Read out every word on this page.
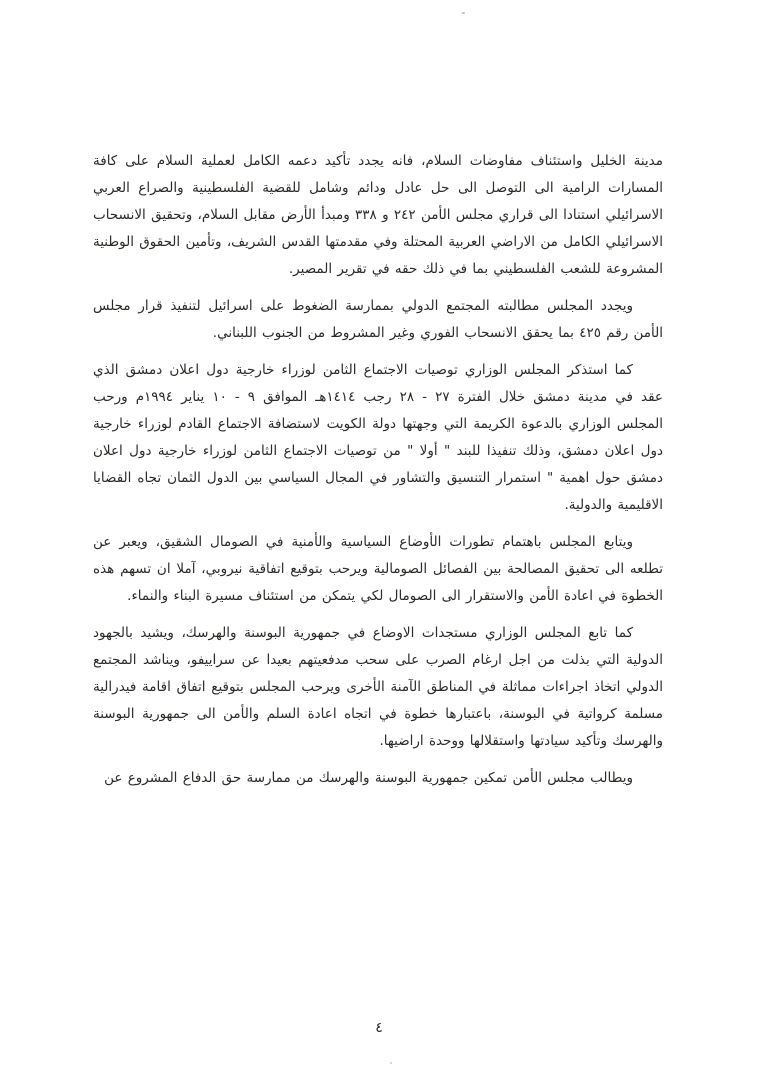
مدينة الخليل واستئناف مفاوضات السلام، فانه يجدد تأكيد دعمه الكامل لعملية السلام على كافة المسارات الرامية الى التوصل الى حل عادل ودائم وشامل للقضية الفلسطينية والصراع العربي الاسرائيلي استنادا الى قراري مجلس الأمن ٢٤٢ و ٣٣٨ ومبدأ الأرض مقابل السلام، وتحقيق الانسحاب الاسرائيلي الكامل من الاراضي العربية المحتلة وفي مقدمتها القدس الشريف، وتأمين الحقوق الوطنية المشروعة للشعب الفلسطيني بما في ذلك حقه في تقرير المصير.

ويجدد المجلس مطالبته المجتمع الدولي بممارسة الضغوط على اسرائيل لتنفيذ قرار مجلس الأمن رقم ٤٢٥ بما يحقق الانسحاب الفوري وغير المشروط من الجنوب اللبناني.

كما استذكر المجلس الوزاري توصيات الاجتماع الثامن لوزراء خارجية دول اعلان دمشق الذي عقد في مدينة دمشق خلال الفترة ٢٧ - ٢٨ رجب ١٤١٤هـ الموافق ٩ - ١٠ يناير ١٩٩٤م ورحب المجلس الوزاري بالدعوة الكريمة التي وجهتها دولة الكويت لاستضافة الاجتماع القادم لوزراء خارجية دول اعلان دمشق، وذلك تنفيذا للبند " أولا " من توصيات الاجتماع الثامن لوزراء خارجية دول اعلان دمشق حول اهمية " استمرار التنسيق والتشاور في المجال السياسي بين الدول الثمان تجاه القضايا الاقليمية والدولية.

ويتابع المجلس باهتمام تطورات الأوضاع السياسية والأمنية في الصومال الشقيق، ويعبر عن تطلعه الى تحقيق المصالحة بين الفصائل الصومالية ويرحب بتوقيع اتفاقية نيروبي، آملا ان تسهم هذه الخطوة في اعادة الأمن والاستقرار الى الصومال لكي يتمكن من استئناف مسيرة البناء والنماء.

كما تابع المجلس الوزاري مستجدات الاوضاع في جمهورية البوسنة والهرسك، ويشيد بالجهود الدولية التي بذلت من اجل ارغام الصرب على سحب مدفعيتهم بعيدا عن سراييفو، ويناشد المجتمع الدولي اتخاذ اجراءات مماثلة في المناطق الآمنة الأخرى ويرحب المجلس بتوقيع اتفاق اقامة فيدرالية مسلمة كرواتية في البوسنة، باعتبارها خطوة في اتجاه اعادة السلم والأمن الى جمهورية البوسنة والهرسك وتأكيد سيادتها واستقلالها ووحدة اراضيها.

ويطالب مجلس الأمن تمكين جمهورية البوسنة والهرسك من ممارسة حق الدفاع المشروع عن

٤
